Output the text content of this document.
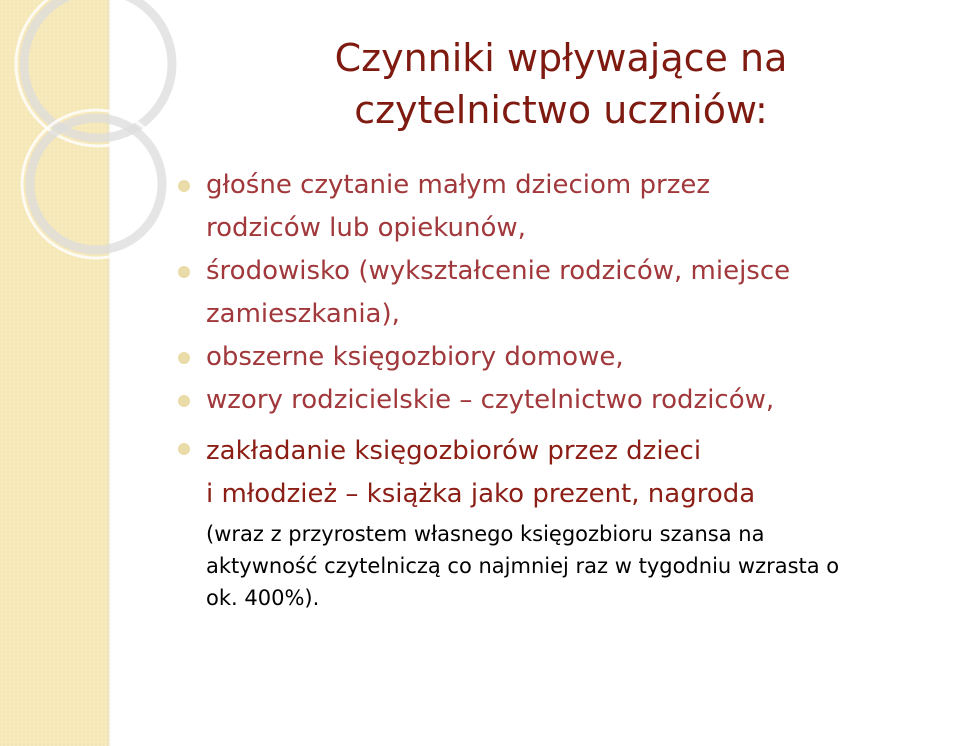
Czynniki wpływające na
czytelnictwo uczniów:
głośne czytanie małym dzieciom przez
rodziców lub opiekunów,
środowisko (wykształcenie rodziców, miejsce
zamieszkania),
obszerne księgozbiory domowe,
wzory rodzicielskie – czytelnictwo rodziców,
zakładanie księgozbiorów przez dzieci
i młodzież – książka jako prezent, nagroda
(wraz z przyrostem własnego księgozbioru szansa na
aktywność czytelniczą co najmniej raz w tygodniu wzrasta o
ok. 400%).
